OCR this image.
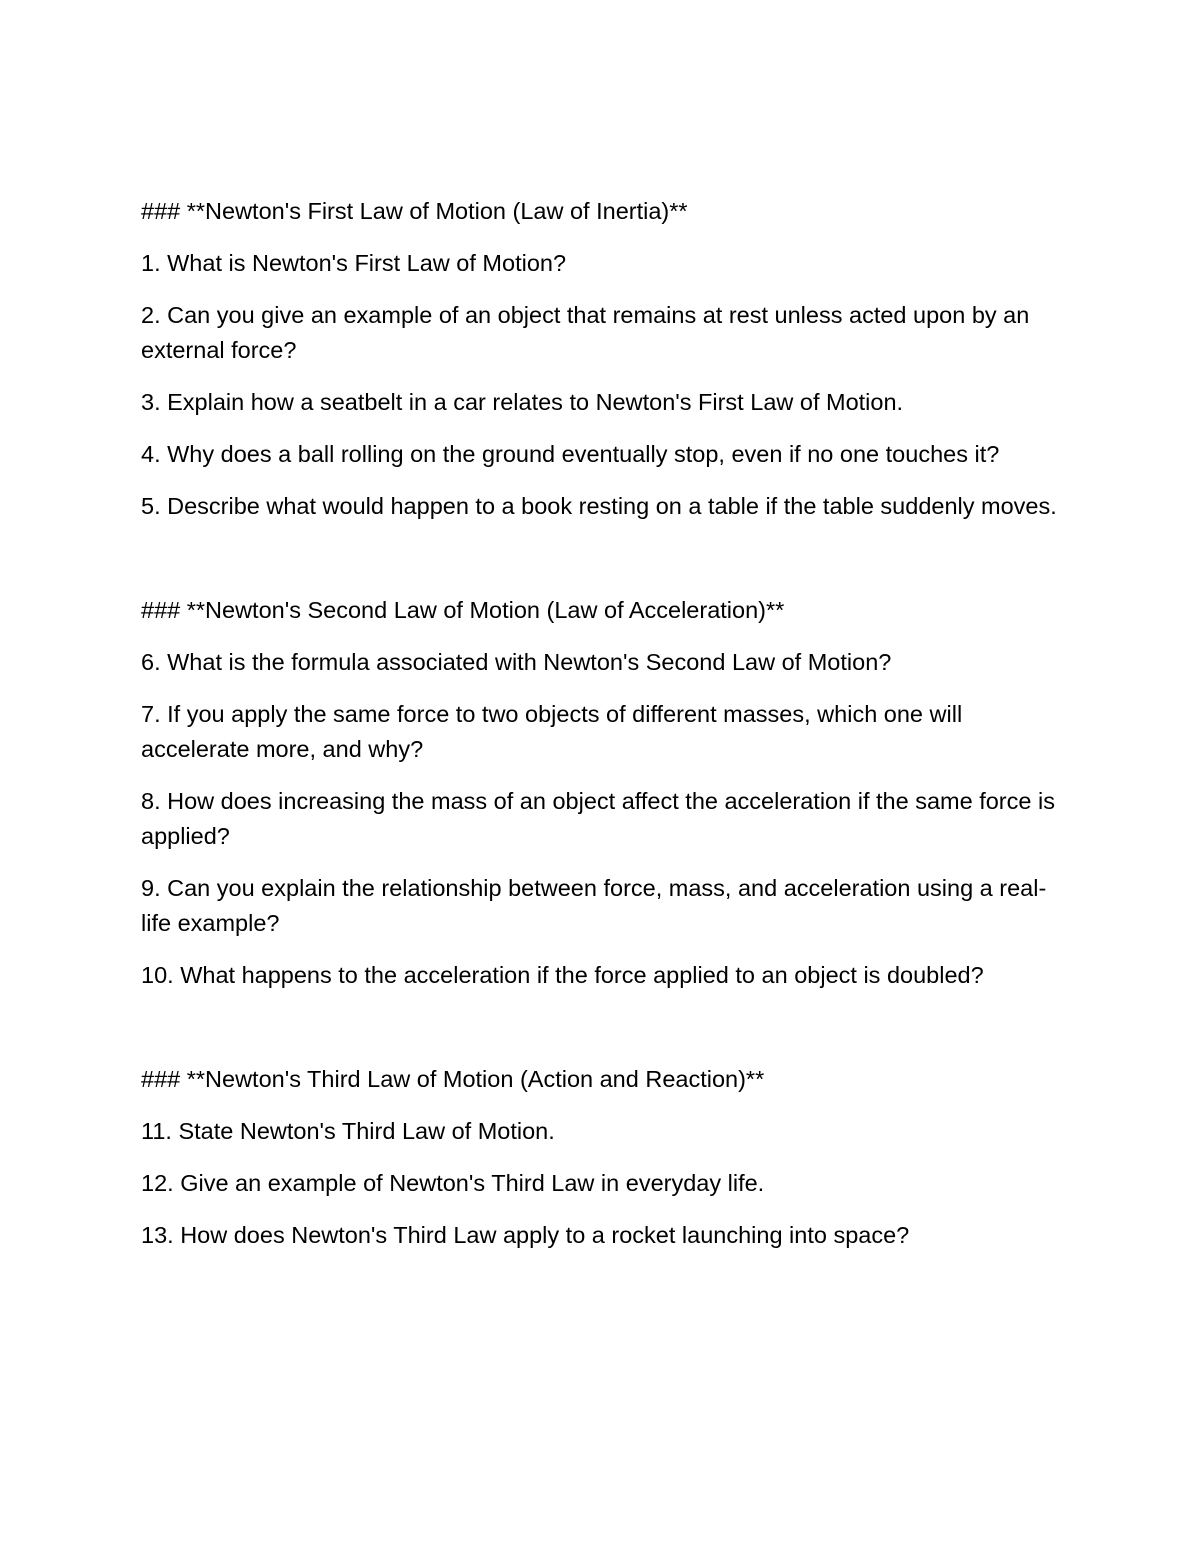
### **Newton's First Law of Motion (Law of Inertia)**

1. What is Newton's First Law of Motion?

2. Can you give an example of an object that remains at rest unless acted upon by an external force?

3. Explain how a seatbelt in a car relates to Newton's First Law of Motion.

4. Why does a ball rolling on the ground eventually stop, even if no one touches it?

5. Describe what would happen to a book resting on a table if the table suddenly moves.

### **Newton's Second Law of Motion (Law of Acceleration)**

6. What is the formula associated with Newton's Second Law of Motion?

7. If you apply the same force to two objects of different masses, which one will accelerate more, and why?

8. How does increasing the mass of an object affect the acceleration if the same force is applied?

9. Can you explain the relationship between force, mass, and acceleration using a real-life example?

10. What happens to the acceleration if the force applied to an object is doubled?

### **Newton's Third Law of Motion (Action and Reaction)**

11. State Newton's Third Law of Motion.

12. Give an example of Newton's Third Law in everyday life.

13. How does Newton's Third Law apply to a rocket launching into space?
